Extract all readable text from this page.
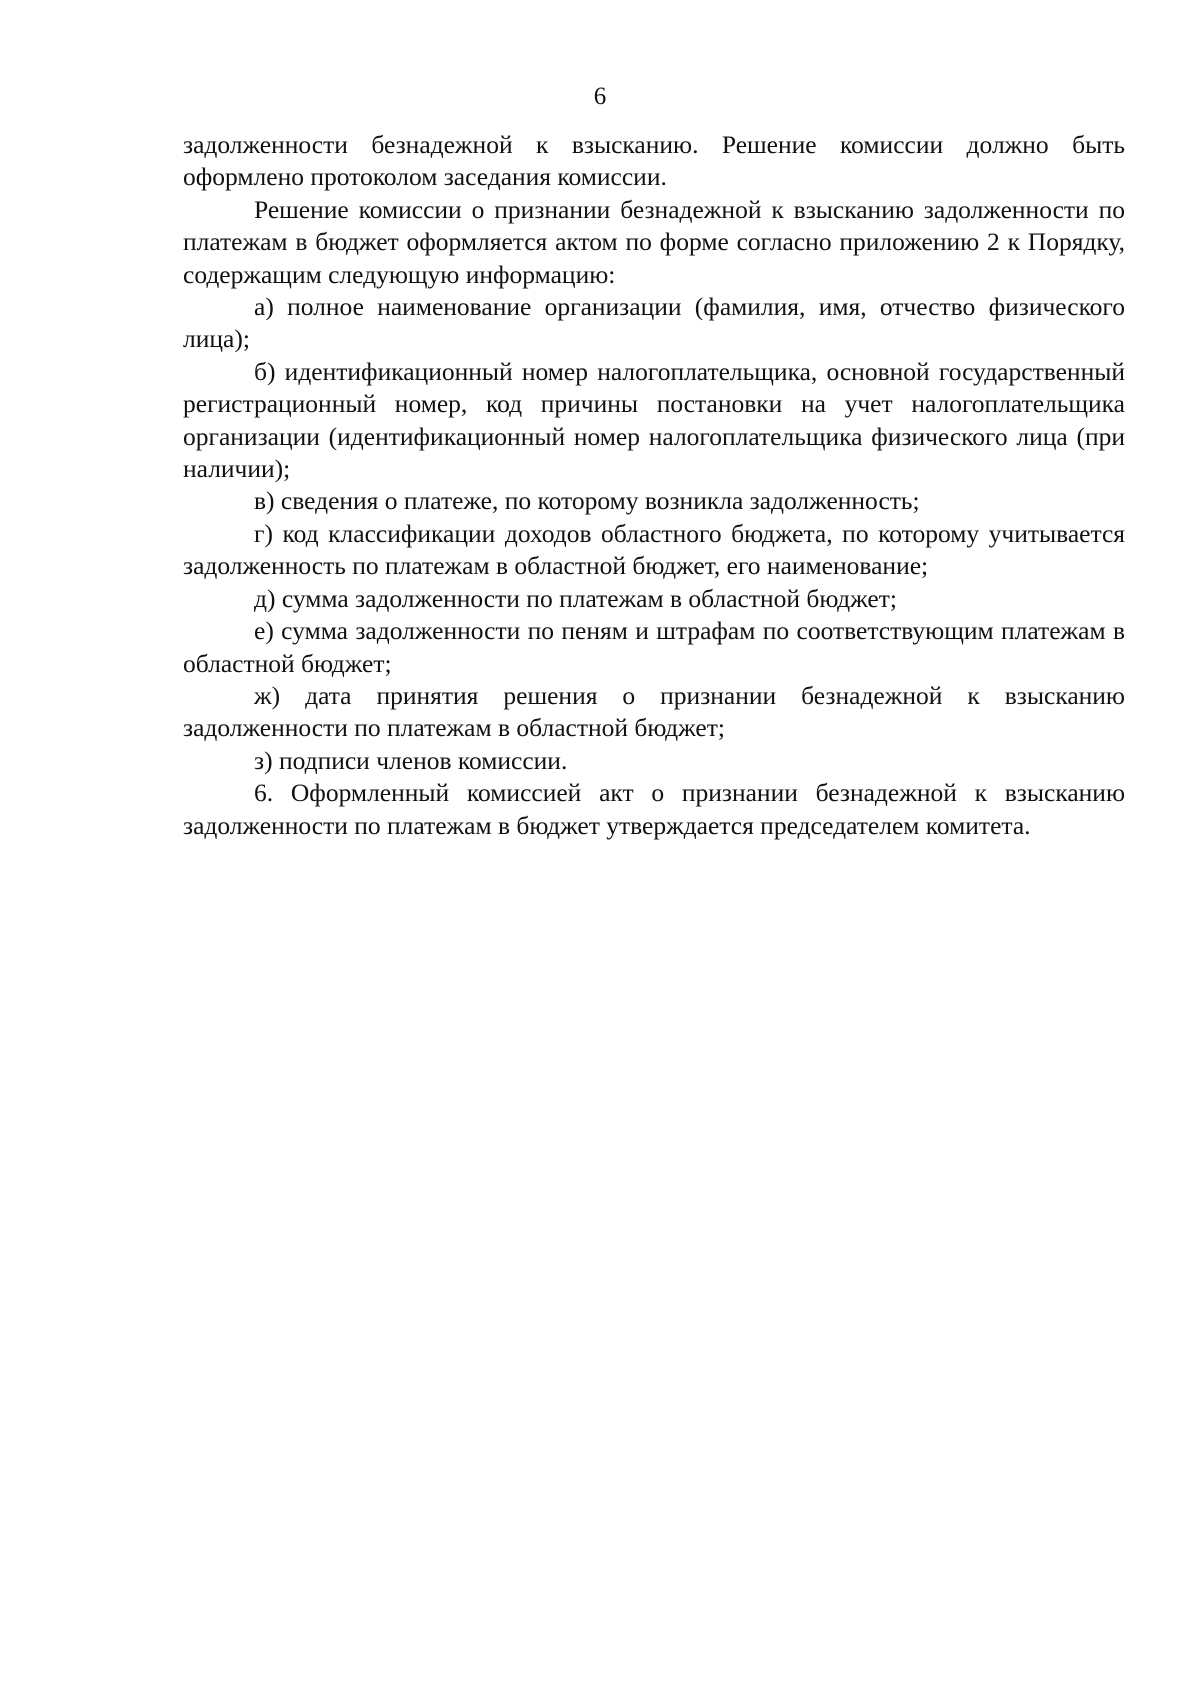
6

задолженности безнадежной к взысканию. Решение комиссии должно быть оформлено протоколом заседания комиссии.

Решение комиссии о признании безнадежной к взысканию задолженности по платежам в бюджет оформляется актом по форме согласно приложению 2 к Порядку, содержащим следующую информацию:

а) полное наименование организации (фамилия, имя, отчество физического лица);

б) идентификационный номер налогоплательщика, основной государственный регистрационный номер, код причины постановки на учет налогоплательщика организации (идентификационный номер налогоплательщика физического лица (при наличии);

в) сведения о платеже, по которому возникла задолженность;

г) код классификации доходов областного бюджета, по которому учитывается задолженность по платежам в областной бюджет, его наименование;

д) сумма задолженности по платежам в областной бюджет;

е) сумма задолженности по пеням и штрафам по соответствующим платежам в областной бюджет;

ж) дата принятия решения о признании безнадежной к взысканию задолженности по платежам в областной бюджет;

з) подписи членов комиссии.

6. Оформленный комиссией акт о признании безнадежной к взысканию задолженности по платежам в бюджет утверждается председателем комитета.
